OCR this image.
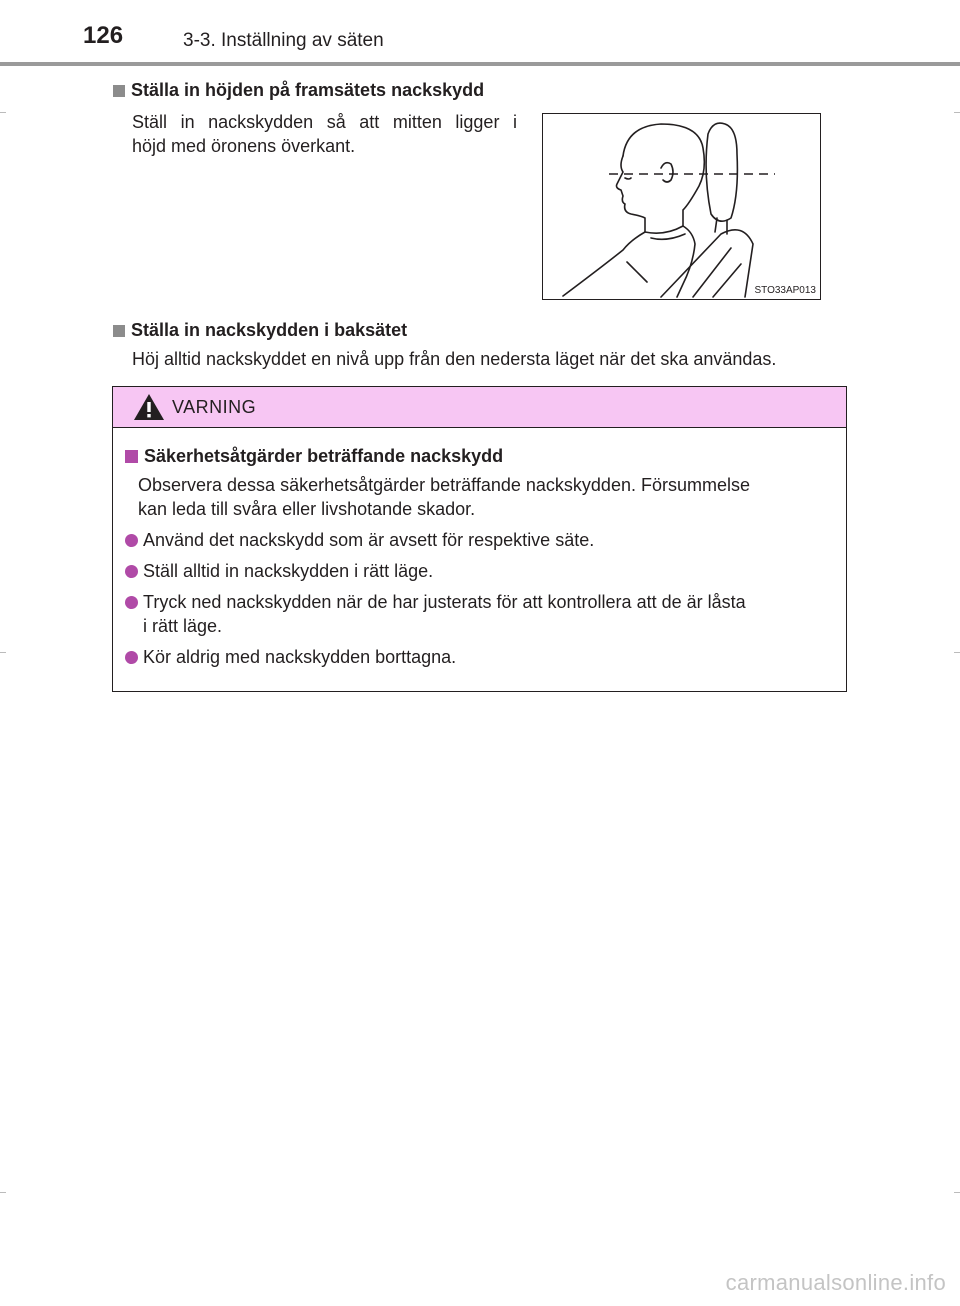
126	3-3. Inställning av säten
Ställa in höjden på framsätets nackskydd
Ställ in nackskydden så att mitten ligger i
höjd med öronens överkant.
STO33AP013
Ställa in nackskydden i baksätet
Höj alltid nackskyddet en nivå upp från den nedersta läget när det ska användas.
VARNING
Säkerhetsåtgärder beträffande nackskydd
Observera dessa säkerhetsåtgärder beträffande nackskydden. Försummelse
kan leda till svåra eller livshotande skador.
Använd det nackskydd som är avsett för respektive säte.
Ställ alltid in nackskydden i rätt läge.
Tryck ned nackskydden när de har justerats för att kontrollera att de är låsta
i rätt läge.
Kör aldrig med nackskydden borttagna.
carmanualsonline.info
